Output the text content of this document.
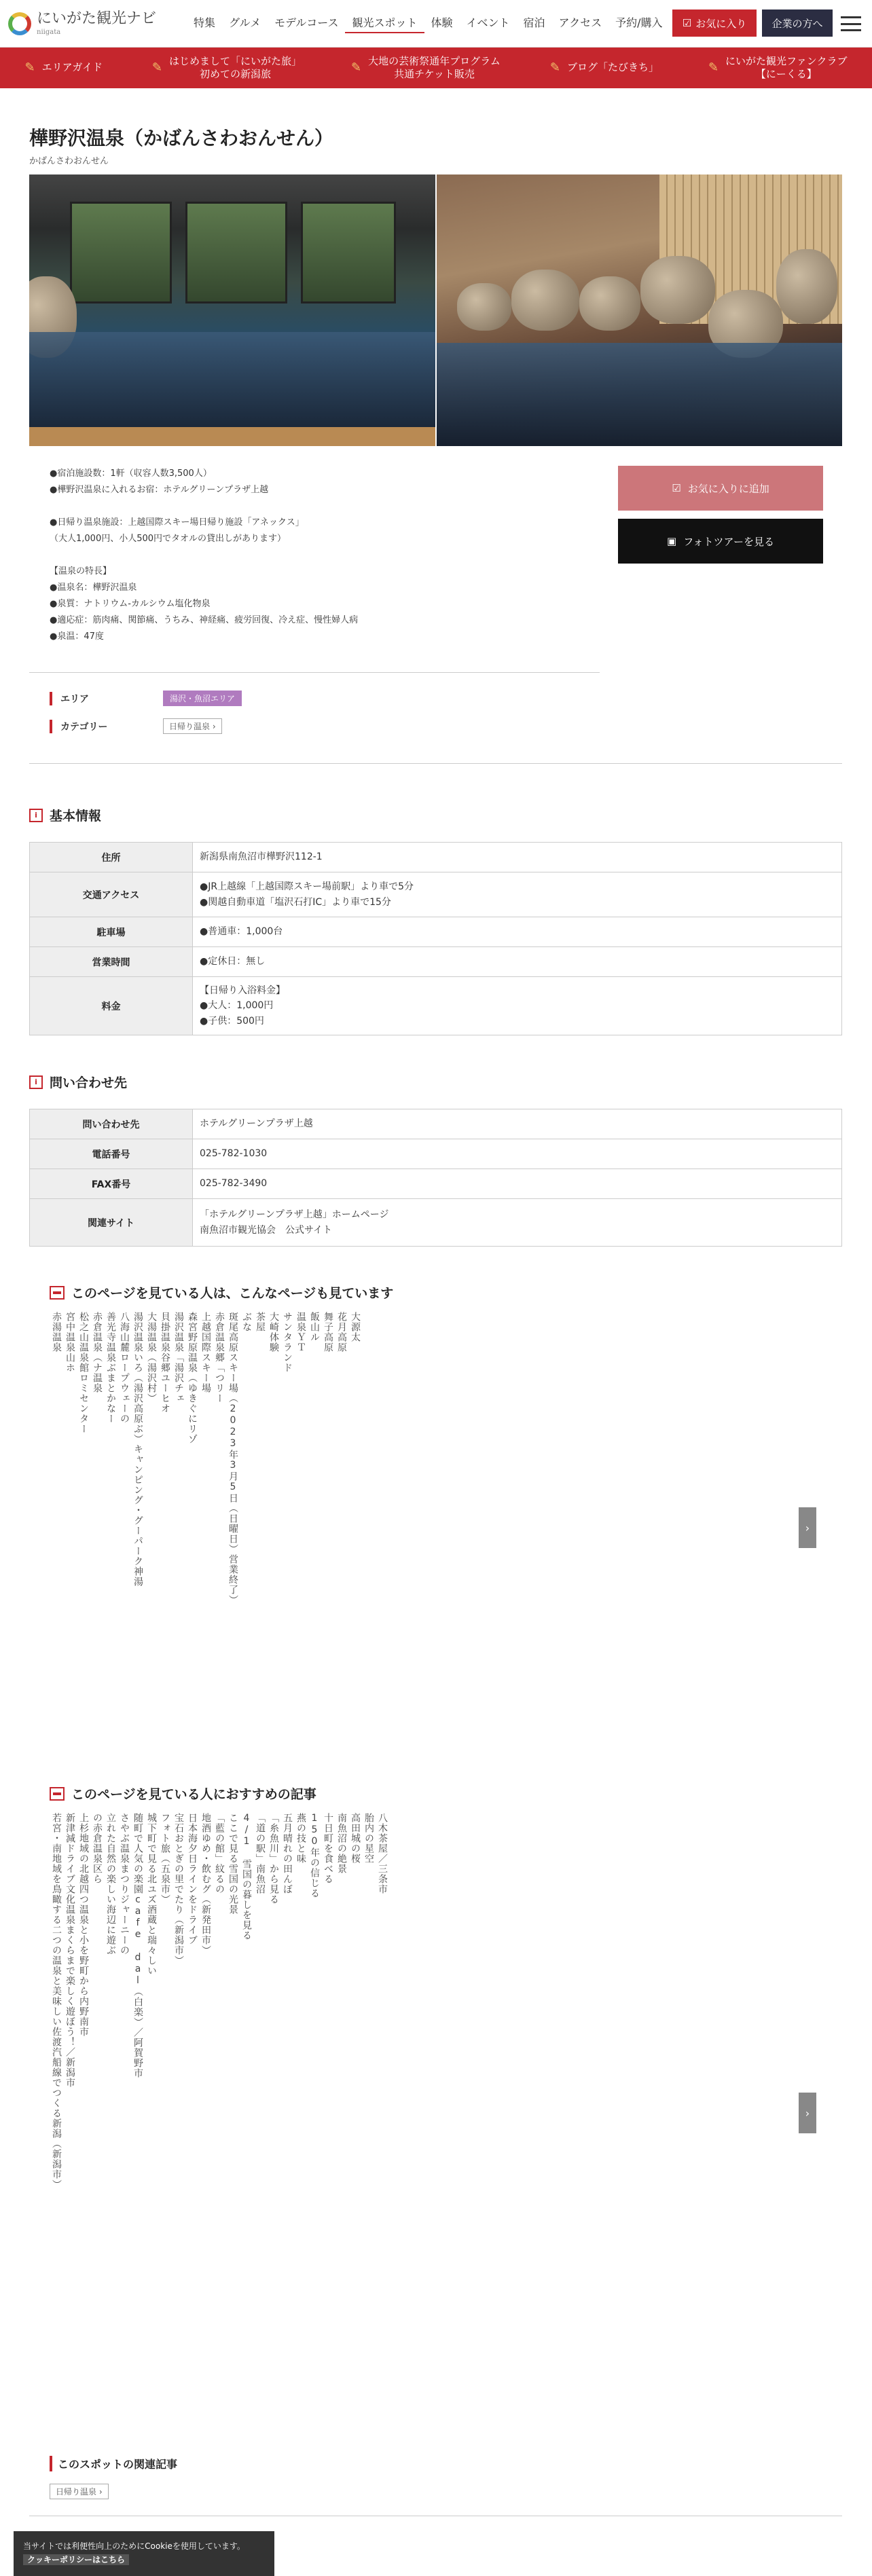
にいがた観光ナビ
niigata
特集	グルメ	モデルコース	観光スポット	体験	イベント	宿泊	アクセス	予約/購入	☑ お気に入り	企業の方へ
✎ エリアガイド	✎ はじめまして「にいがた旅」
初めての新潟旅	✎ 大地の芸術祭通年プログラム
共通チケット販売	✎ ブログ「たびきち」	✎ にいがた観光ファンクラブ
【にーくる】
樺野沢温泉（かばんさわおんせん）
かばんさわおんせん
●宿泊施設数：1軒（収容人数3,500人）
●樺野沢温泉に入れるお宿：ホテルグリーンプラザ上越
●日帰り温泉施設：上越国際スキー場日帰り施設「アネックス」
（大人1,000円、小人500円でタオルの貸出しがあります）
【温泉の特長】
●温泉名：樺野沢温泉
●泉質：ナトリウム-カルシウム塩化物泉
●適応症：筋肉痛、関節痛、うちみ、神経痛、疲労回復、冷え症、慢性婦人病
●泉温：47度
☑ お気に入りに追加
▣ フォトツアーを見る
エリア	湯沢・魚沼エリア
カテゴリー	日帰り温泉 ›
i 基本情報
住所	新潟県南魚沼市樺野沢112-1
交通アクセス	●JR上越線「上越国際スキー場前駅」より車で5分
●関越自動車道「塩沢石打IC」より車で15分
駐車場	●普通車：1,000台
営業時間	●定休日：無し
料金	【日帰り入浴料金】
●大人：1,000円
●子供：500円
i 問い合わせ先
問い合わせ先	ホテルグリーンプラザ上越
電話番号	025-782-1030
FAX番号	025-782-3490
関連サイト	「ホテルグリーンプラザ上越」ホームページ
南魚沼市観光協会　公式サイト
このページを見ている人は、こんなページも見ています
赤湯温泉 宮中温泉山ホ 松之山温泉館ロミセンター 赤倉温泉（ナ温泉 善光寺温泉ぶまとかなー 八海山麓ロープウェーの 湯沢温泉いろ（湯沢高原ぶ）キャンピング・グーパーク神湯 大湯温泉（湯沢村） 貝掛温泉谷郷ユーヒオ 湯沢温泉「湯沢チェ 森宮野原温泉（ゆきぐにリゾ 上越国際スキー場 赤倉温泉郷「つリー 斑尾高原スキー場（2023年3月5日（日曜日）営業終了） ぶな 茶屋 大崎体験 サンタランド 温泉ＹＴ 飯山ル 舞子高原 花月高原 大源太
›
このページを見ている人におすすめの記事
若宮・南地域を鳥瞰する二つの温泉と美味しい佐渡汽船線でつくる新潟（新潟市） 新津減ドライブ文化温泉まくらまで楽しく遊ぼう！／新潟市 上杉地域の北越四つ温泉と小を野町から内野南市 の赤倉温泉区ら 立れた自然の楽しい海辺に遊ぶ さやぶ温泉まつりジャーニーの 随町で人気の楽園cafe dal（白楽）／阿賀野市 城下町で見る北ユズ酒蔵と瑞々しい フォト旅（五泉市） 宝石おとぎの里でたり（新潟市） 日本海夕日ラインをドライブ 地酒ゆめ・飲むグ（新発田市） 「藍の館」紋るの ここで見る雪国の光景 4/1 雪国の暮しを見る 「道の駅」南魚沼 「糸魚川」から見る 五月晴れの田んぼ 燕の技と味 150年の信じる 十日町を食べる 南魚沼の絶景 高田城の桜 胎内の星空 八木茶屋／三条市
›
このスポットの関連記事
日帰り温泉 ›
当サイトでは利便性向上のためにCookieを使用しています。
クッキーポリシーはこちら
